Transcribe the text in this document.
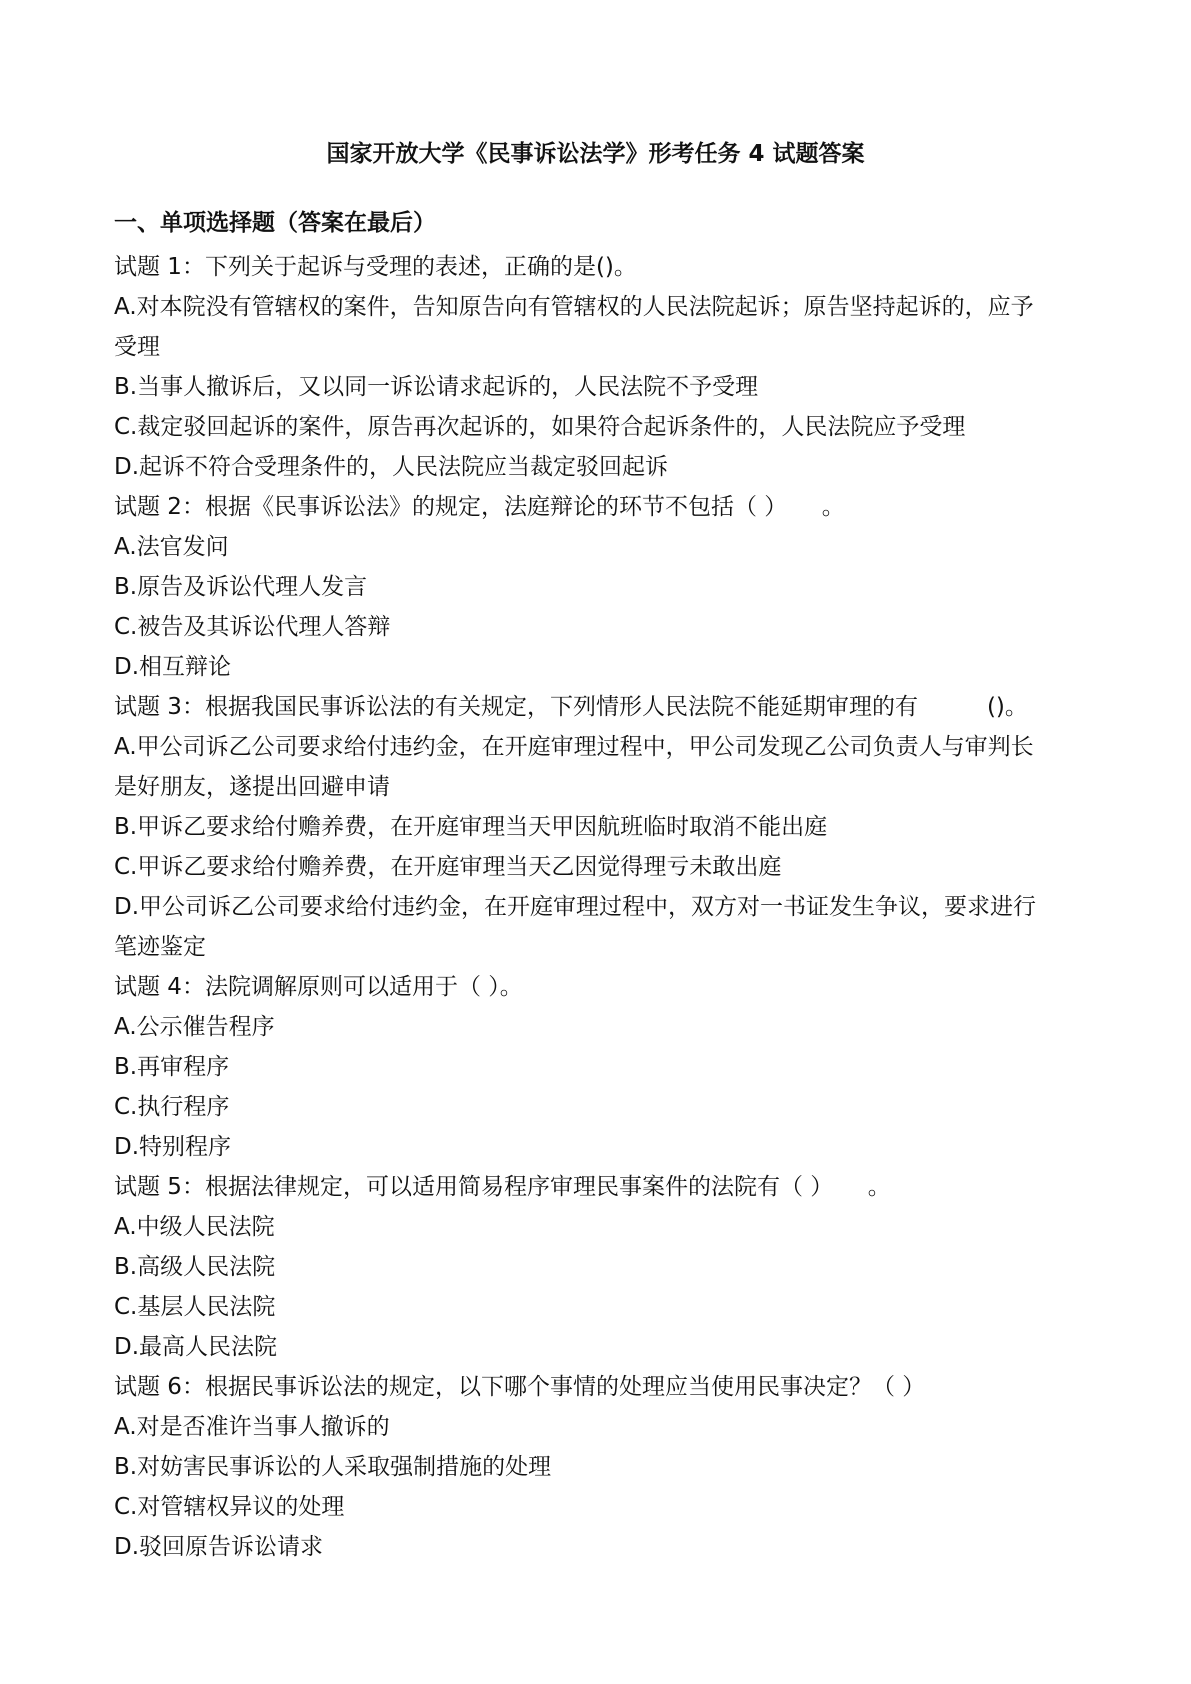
国家开放大学《民事诉讼法学》形考任务 4 试题答案
一、单项选择题（答案在最后）
试题 1：下列关于起诉与受理的表述，正确的是()。
A.对本院没有管辖权的案件，告知原告向有管辖权的人民法院起诉；原告坚持起诉的，应予
受理
B.当事人撤诉后，又以同一诉讼请求起诉的，人民法院不予受理
C.裁定驳回起诉的案件，原告再次起诉的，如果符合起诉条件的，人民法院应予受理
D.起诉不符合受理条件的，人民法院应当裁定驳回起诉
试题 2：根据《民事诉讼法》的规定，法庭辩论的环节不包括（ ）　　。
A.法官发问
B.原告及诉讼代理人发言
C.被告及其诉讼代理人答辩
D.相互辩论
试题 3：根据我国民事诉讼法的有关规定，下列情形人民法院不能延期审理的有　　　()。
A.甲公司诉乙公司要求给付违约金，在开庭审理过程中，甲公司发现乙公司负责人与审判长
是好朋友，遂提出回避申请
B.甲诉乙要求给付赡养费，在开庭审理当天甲因航班临时取消不能出庭
C.甲诉乙要求给付赡养费，在开庭审理当天乙因觉得理亏未敢出庭
D.甲公司诉乙公司要求给付违约金，在开庭审理过程中，双方对一书证发生争议，要求进行
笔迹鉴定
试题 4：法院调解原则可以适用于（ ）。
A.公示催告程序
B.再审程序
C.执行程序
D.特别程序
试题 5：根据法律规定，可以适用简易程序审理民事案件的法院有（ ）　　。
A.中级人民法院
B.高级人民法院
C.基层人民法院
D.最高人民法院
试题 6：根据民事诉讼法的规定，以下哪个事情的处理应当使用民事决定？（ ）
A.对是否准许当事人撤诉的
B.对妨害民事诉讼的人采取强制措施的处理
C.对管辖权异议的处理
D.驳回原告诉讼请求
